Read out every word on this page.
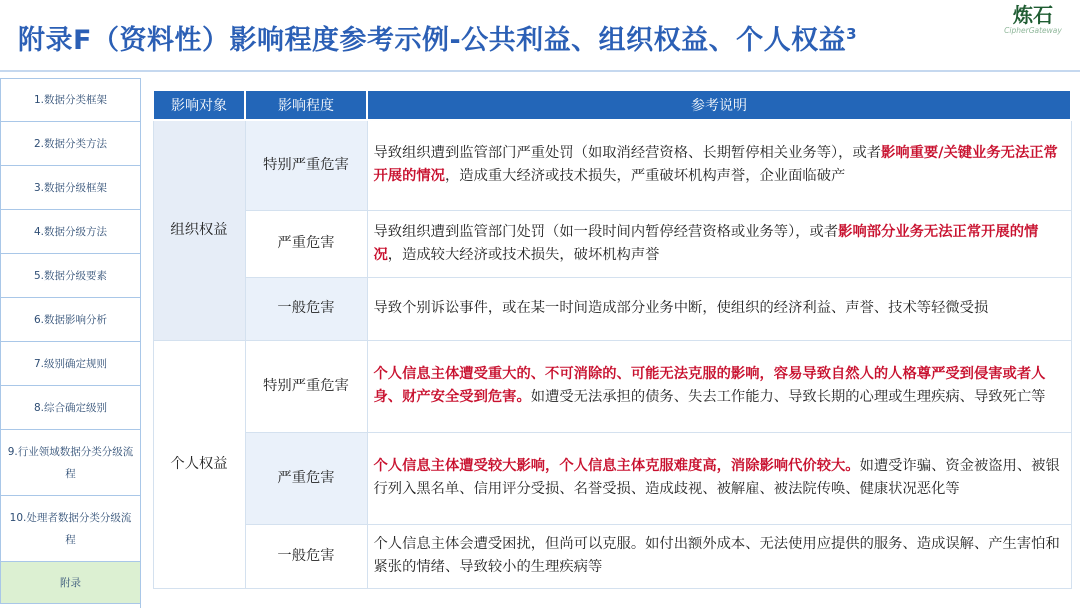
附录F（资料性）影响程度参考示例-公共利益、组织权益、个人权益$^3$
炼石
CipherGateway
1.数据分类框架
2.数据分类方法
3.数据分级框架
4.数据分级方法
5.数据分级要素
6.数据影响分析
7.级别确定规则
8.综合确定级别
9.行业领域数据分类分级流程
10.处理者数据分类分级流程
附录
影响对象	影响程度	参考说明
组织权益	特别严重危害	导致组织遭到监管部门严重处罚（如取消经营资格、长期暂停相关业务等），或者影响重要/关键业务无法正常开展的情况，造成重大经济或技术损失，严重破坏机构声誉，企业面临破产
	严重危害	导致组织遭到监管部门处罚（如一段时间内暂停经营资格或业务等），或者影响部分业务无法正常开展的情况，造成较大经济或技术损失，破坏机构声誉
	一般危害	导致个别诉讼事件，或在某一时间造成部分业务中断，使组织的经济利益、声誉、技术等轻微受损
个人权益	特别严重危害	个人信息主体遭受重大的、不可消除的、可能无法克服的影响，容易导致自然人的人格尊严受到侵害或者人身、财产安全受到危害。如遭受无法承担的债务、失去工作能力、导致长期的心理或生理疾病、导致死亡等
	严重危害	个人信息主体遭受较大影响，个人信息主体克服难度高，消除影响代价较大。如遭受诈骗、资金被盗用、被银行列入黑名单、信用评分受损、名誉受损、造成歧视、被解雇、被法院传唤、健康状况恶化等
	一般危害	个人信息主体会遭受困扰，但尚可以克服。如付出额外成本、无法使用应提供的服务、造成误解、产生害怕和紧张的情绪、导致较小的生理疾病等
